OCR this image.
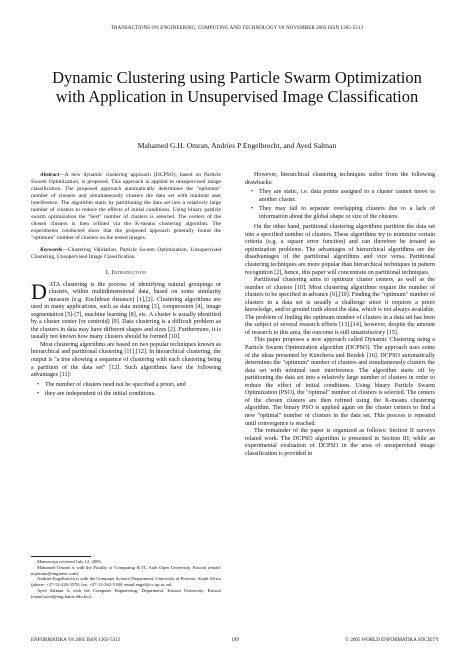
TRANSACTIONS ON ENGINEERING, COMPUTING AND TECHNOLOGY V8 NOVEMBER 2005 ISSN 1305-5313
Dynamic Clustering using Particle Swarm Optimization with Application in Unsupervised Image Classification
Mahamed G.H. Omran, Andries P Engelbrecht, and Ayed Salman

Abstract—A new dynamic clustering approach (DCPSO), based on Particle Swarm Optimization, is proposed. This approach is applied to unsupervised image classification. The proposed approach automatically determines the "optimum" number of clusters and simultaneously clusters the data set with minimal user interference. The algorithm starts by partitioning the data set into a relatively large number of clusters to reduce the effects of initial conditions. Using binary particle swarm optimization the "best" number of clusters is selected. The centers of the chosen clusters is then refined via the K-means clustering algorithm. The experiments conducted show that the proposed approach generally found the "optimum" number of clusters on the tested images.

Keywords—Clustering Validation, Particle Swarm Optimization, Unsupervised Clustering, Unsupervised Image Classification.

I. Introduction

DATA clustering is the process of identifying natural groupings or clusters, within multidimensional data, based on some similarity measure (e.g. Euclidean distance) [1],[2]. Clustering algorithms are used in many applications, such as data mining [3], compression [4], image segmentation [5]-[7], machine learning [8], etc. A cluster is usually identified by a cluster center (or centroid) [9]. Data clustering is a difficult problem as the clusters in data may have different shapes and sizes [2]. Furthermore, it is usually not known how many clusters should be formed [10].

Most clustering algorithms are based on two popular techniques known as hierarchical and partitional clustering [11],[12]. In hierarchical clustering, the output is "a tree showing a sequence of clustering with each clustering being a partition of the data set" [12]. Such algorithms have the following advantages [11]:

• The number of clusters need not be specified a priori, and
• they are independent of the initial conditions.
Manuscript received July 12, 2005.
Mahamed Omran is with the Faculty of Computing & IT, Arab Open University, Kuwait (email: mjomran@engineer.com).
Andries Engelbrecht is with the Computer Science Department, University of Pretoria, South Africa (phone: +27-12-420-3578; fax: +27-12-362-5188; email:engel@cs.up.ac.za).
Ayed Salman is with the Computer Engineering, Department, Kuwait University, Kuwait (email:ayed@eng.kuniv.edu.kw).

However, hierarchical clustering techniques suffer from the following drawbacks:

• They are static, i.e. data points assigned to a cluster cannot move to another cluster.
• They may fail to separate overlapping clusters due to a lack of information about the global shape or size of the clusters.

On the other hand, partitional clustering algorithms partition the data set into a specified number of clusters. These algorithms try to minimize certain criteria (e.g. a square error function) and can therefore be treated as optimization problems. The advantages of hierarchical algorithms are the disadvantages of the partitional algorithms and vice versa. Partitional clustering techniques are more popular than hierarchical techniques in pattern recognition [2], hence, this paper will concentrate on partitional techniques.

Partitional clustering aims to optimize cluster centers, as well as the number of clusters [10]. Most clustering algorithms require the number of clusters to be specified in advance [9],[10]. Finding the "optimum" number of clusters in a data set is usually a challenge since it requires a priori knowledge, and/or ground truth about the data, which is not always available. The problem of finding the optimum number of clusters in a data set has been the subject of several research efforts [13],[14], however, despite the amount of research in this area, the outcome is still unsatisfactory [15].

This paper proposes a new approach called Dynamic Clustering using a Particle Swarm Optimization algorithm (DCPSO). The approach uses some of the ideas presented by Kuncheva and Bezdek [16]. DCPSO automatically determines the "optimum" number of clusters and simultaneously clusters the data set with minimal user interference. The algorithm starts off by partitioning the data set into a relatively large number of clusters in order to reduce the effect of initial conditions. Using binary Particle Swarm Optimization (PSO), the "optimal" number of clusters is selected. The centers of the chosen clusters are then refined using the K-means clustering algorithm. The binary PSO is applied again on the cluster centers to find a new "optimal" number of clusters in the data set. This process is repeated until convergence is reached.

The remainder of the paper is organized as follows: Section II surveys related work. The DCPSO algorithm is presented in Section III, while an experimental evaluation of DCPSO in the area of unsupervised image classification is provided in

ENFORMATIKA V8 2005 ISSN 1305-5313	199	© 2005 WORLD ENFORMATIKA SOCIETY
